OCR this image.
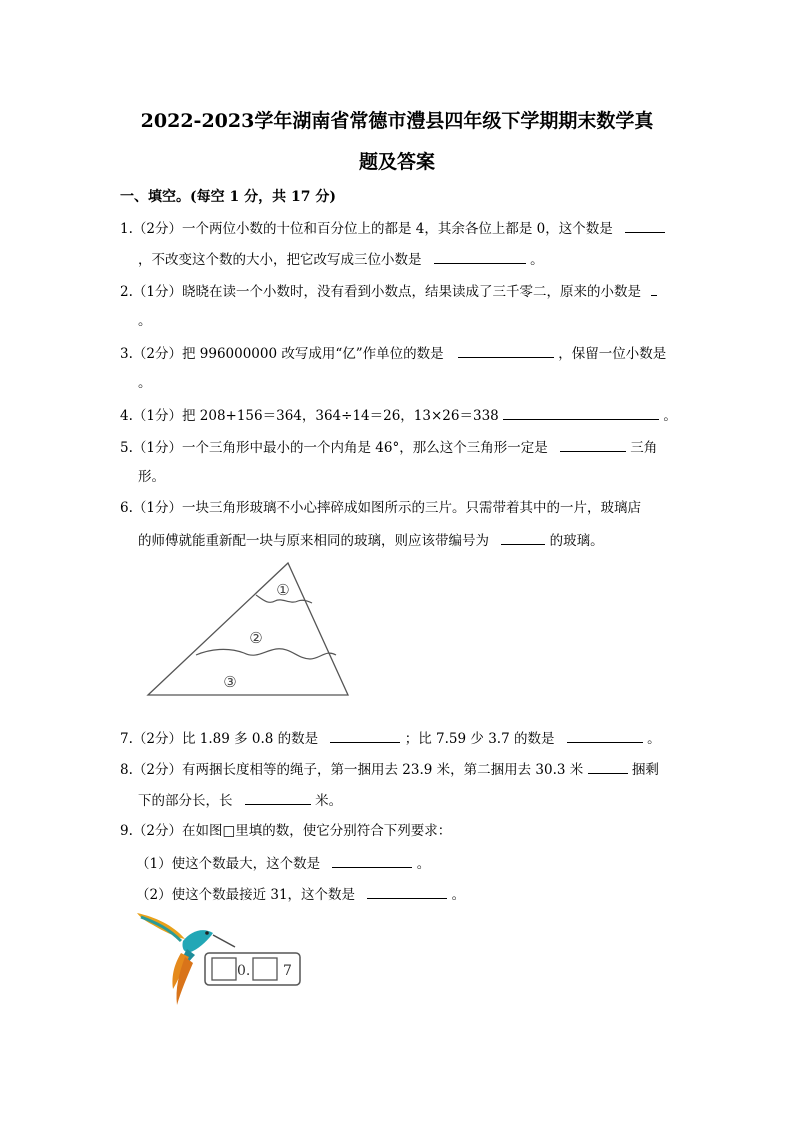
2022-2023学年湖南省常德市澧县四年级下学期期末数学真
题及答案
一、填空。(每空 1 分，共 17 分)
1.（2分）一个两位小数的十位和百分位上的都是 4，其余各位上都是 0，这个数是
，不改变这个数的大小，把它改写成三位小数是	。
2.（1分）晓晓在读一个小数时，没有看到小数点，结果读成了三千零二，原来的小数是
。
3.（2分）把 996000000 改写成用“亿”作单位的数是	，保留一位小数是
。
4.（1分）把 208+156＝364，364÷14＝26，13×26＝338	。
5.（1分）一个三角形中最小的一个内角是 46°，那么这个三角形一定是	三角
形。
6.（1分）一块三角形玻璃不小心摔碎成如图所示的三片。只需带着其中的一片，玻璃店
的师傅就能重新配一块与原来相同的玻璃，则应该带编号为	的玻璃。
①
②
③
7.（2分）比 1.89 多 0.8 的数是	；比 7.59 少 3.7 的数是	。
8.（2分）有两捆长度相等的绳子，第一捆用去 23.9 米，第二捆用去 30.3 米	捆剩
下的部分长，长	米。
9.（2分）在如图□里填的数，使它分别符合下列要求：
（1）使这个数最大，这个数是	。
（2）使这个数最接近 31，这个数是	。
0. 7
